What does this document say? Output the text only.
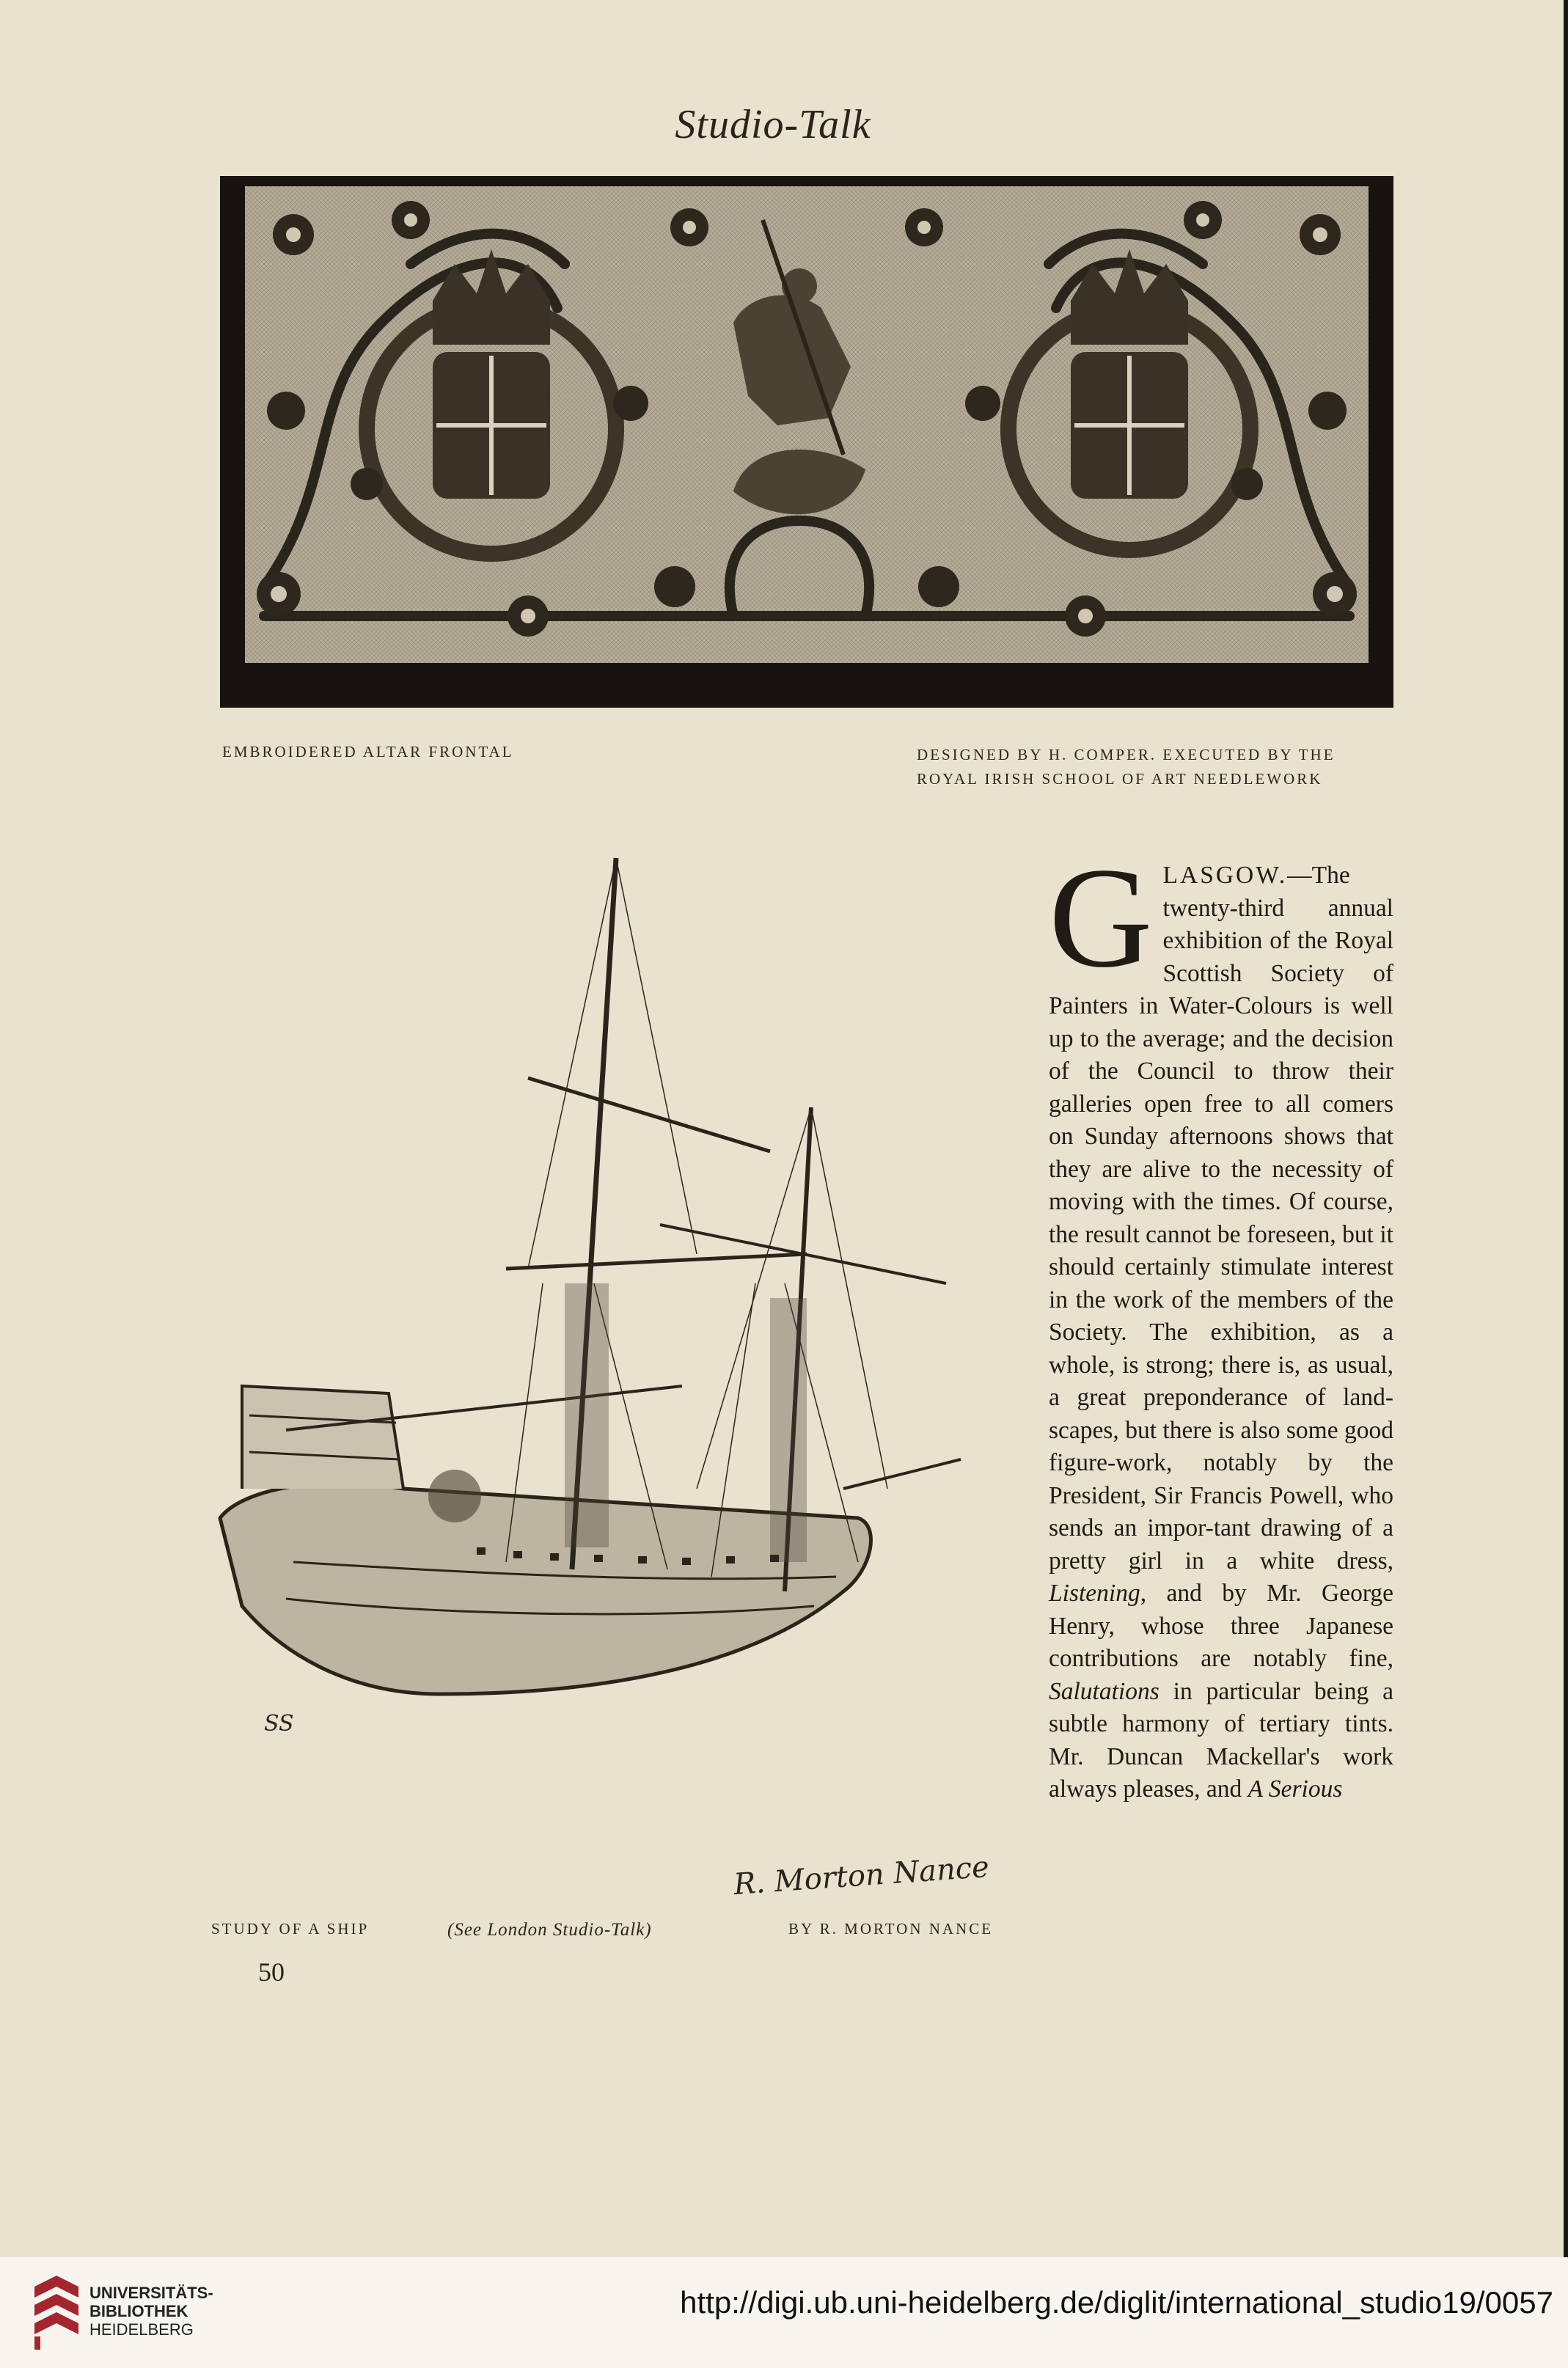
Studio-Talk
EMBROIDERED ALTAR FRONTAL	DESIGNED BY H. COMPER. EXECUTED BY THE
ROYAL IRISH SCHOOL OF ART NEEDLEWORK
SS
R. Morton Nance
STUDY OF A SHIP	(See London Studio-Talk)	BY R. MORTON NANCE
50
GLASGOW.—The twenty-third annual exhibition of the Royal Scottish Society of Painters in Water-Colours is well up to the average; and the decision of the Council to throw their galleries open free to all comers on Sunday afternoons shows that they are alive to the necessity of moving with the times. Of course, the result cannot be foreseen, but it should certainly stimulate interest in the work of the members of the Society. The exhibition, as a whole, is strong; there is, as usual, a great preponderance of land-scapes, but there is also some good figure-work, notably by the President, Sir Francis Powell, who sends an impor-tant drawing of a pretty girl in a white dress, Listening, and by Mr. George Henry, whose three Japanese contributions are notably fine, Salutations in particular being a subtle harmony of tertiary tints. Mr. Duncan Mackellar's work always pleases, and A Serious
UNIVERSITÄTS-
BIBLIOTHEK
HEIDELBERG
http://digi.ub.uni-heidelberg.de/diglit/international_studio19/0057
